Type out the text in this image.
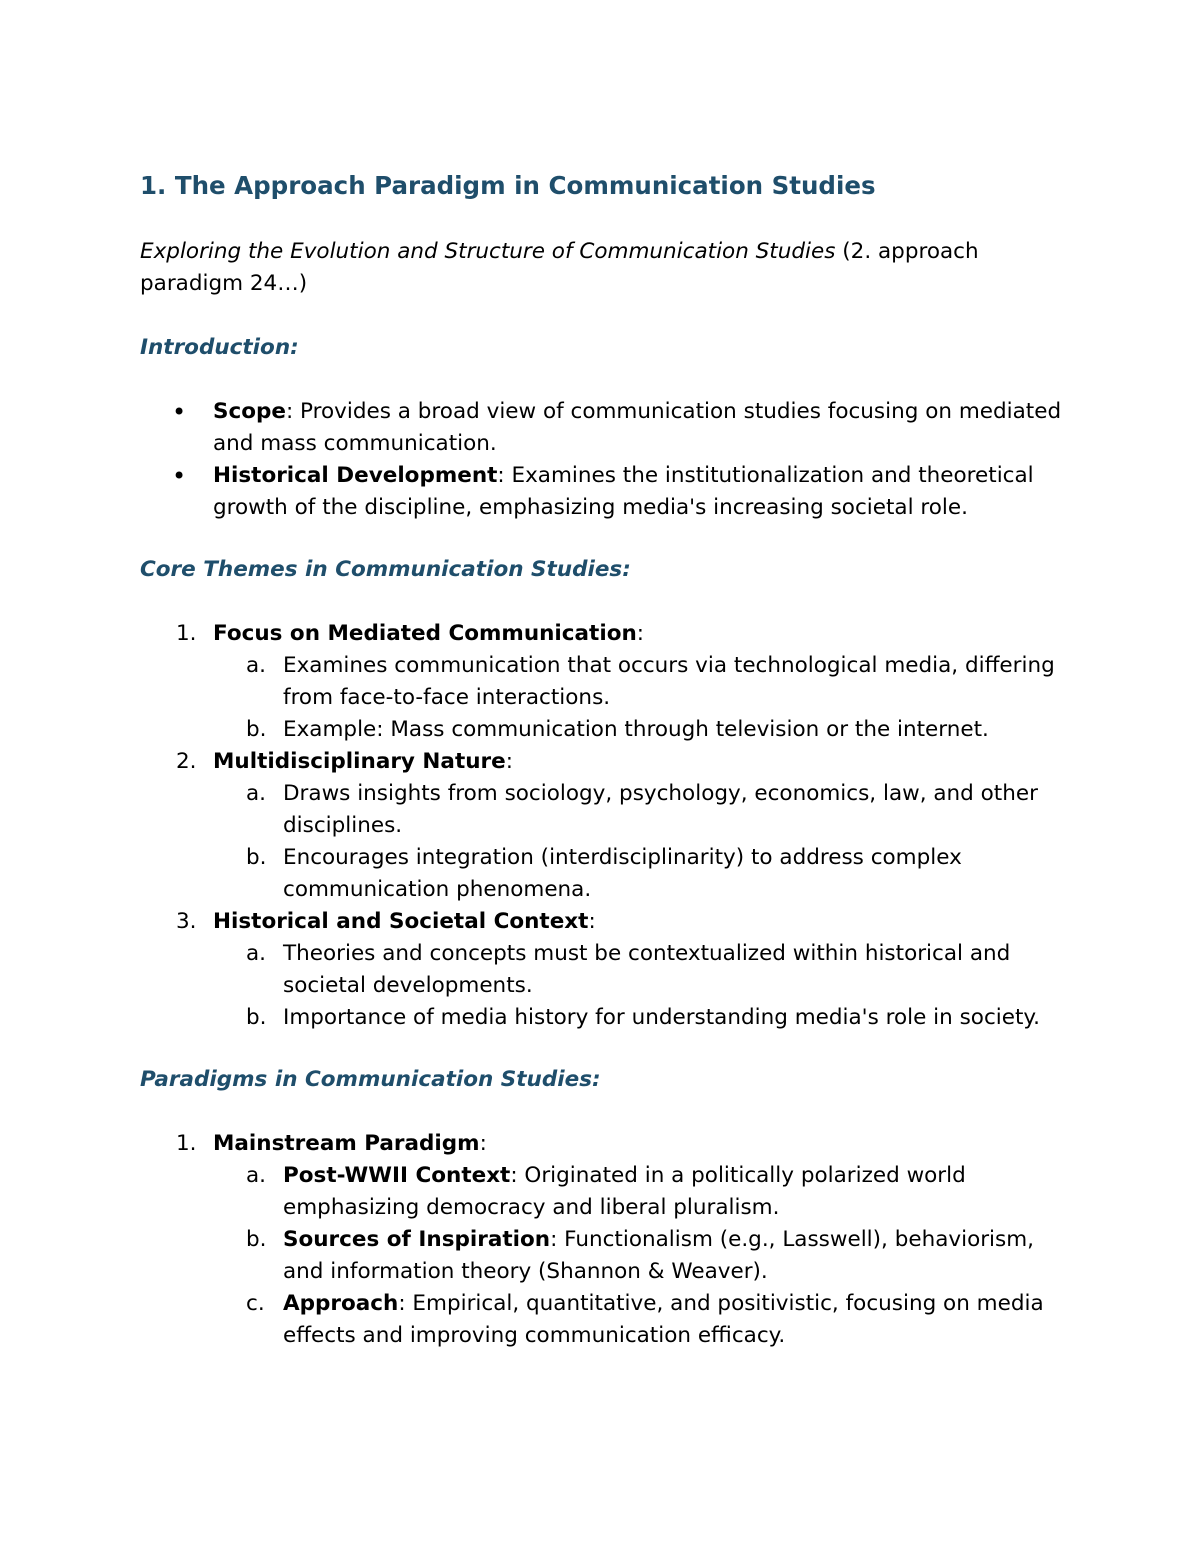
1. The Approach Paradigm in Communication Studies

Exploring the Evolution and Structure of Communication Studies (2. approach paradigm 24…)

Introduction:
• Scope: Provides a broad view of communication studies focusing on mediated and mass communication.
• Historical Development: Examines the institutionalization and theoretical growth of the discipline, emphasizing media's increasing societal role.
Core Themes in Communication Studies:
1. Focus on Mediated Communication:
a. Examines communication that occurs via technological media, differing from face-to-face interactions.
b. Example: Mass communication through television or the internet.
2. Multidisciplinary Nature:
a. Draws insights from sociology, psychology, economics, law, and other disciplines.
b. Encourages integration (interdisciplinarity) to address complex communication phenomena.
3. Historical and Societal Context:
a. Theories and concepts must be contextualized within historical and societal developments.
b. Importance of media history for understanding media's role in society.
Paradigms in Communication Studies:
1. Mainstream Paradigm:
a. Post-WWII Context: Originated in a politically polarized world emphasizing democracy and liberal pluralism.
b. Sources of Inspiration: Functionalism (e.g., Lasswell), behaviorism, and information theory (Shannon & Weaver).
c. Approach: Empirical, quantitative, and positivistic, focusing on media effects and improving communication efficacy.
